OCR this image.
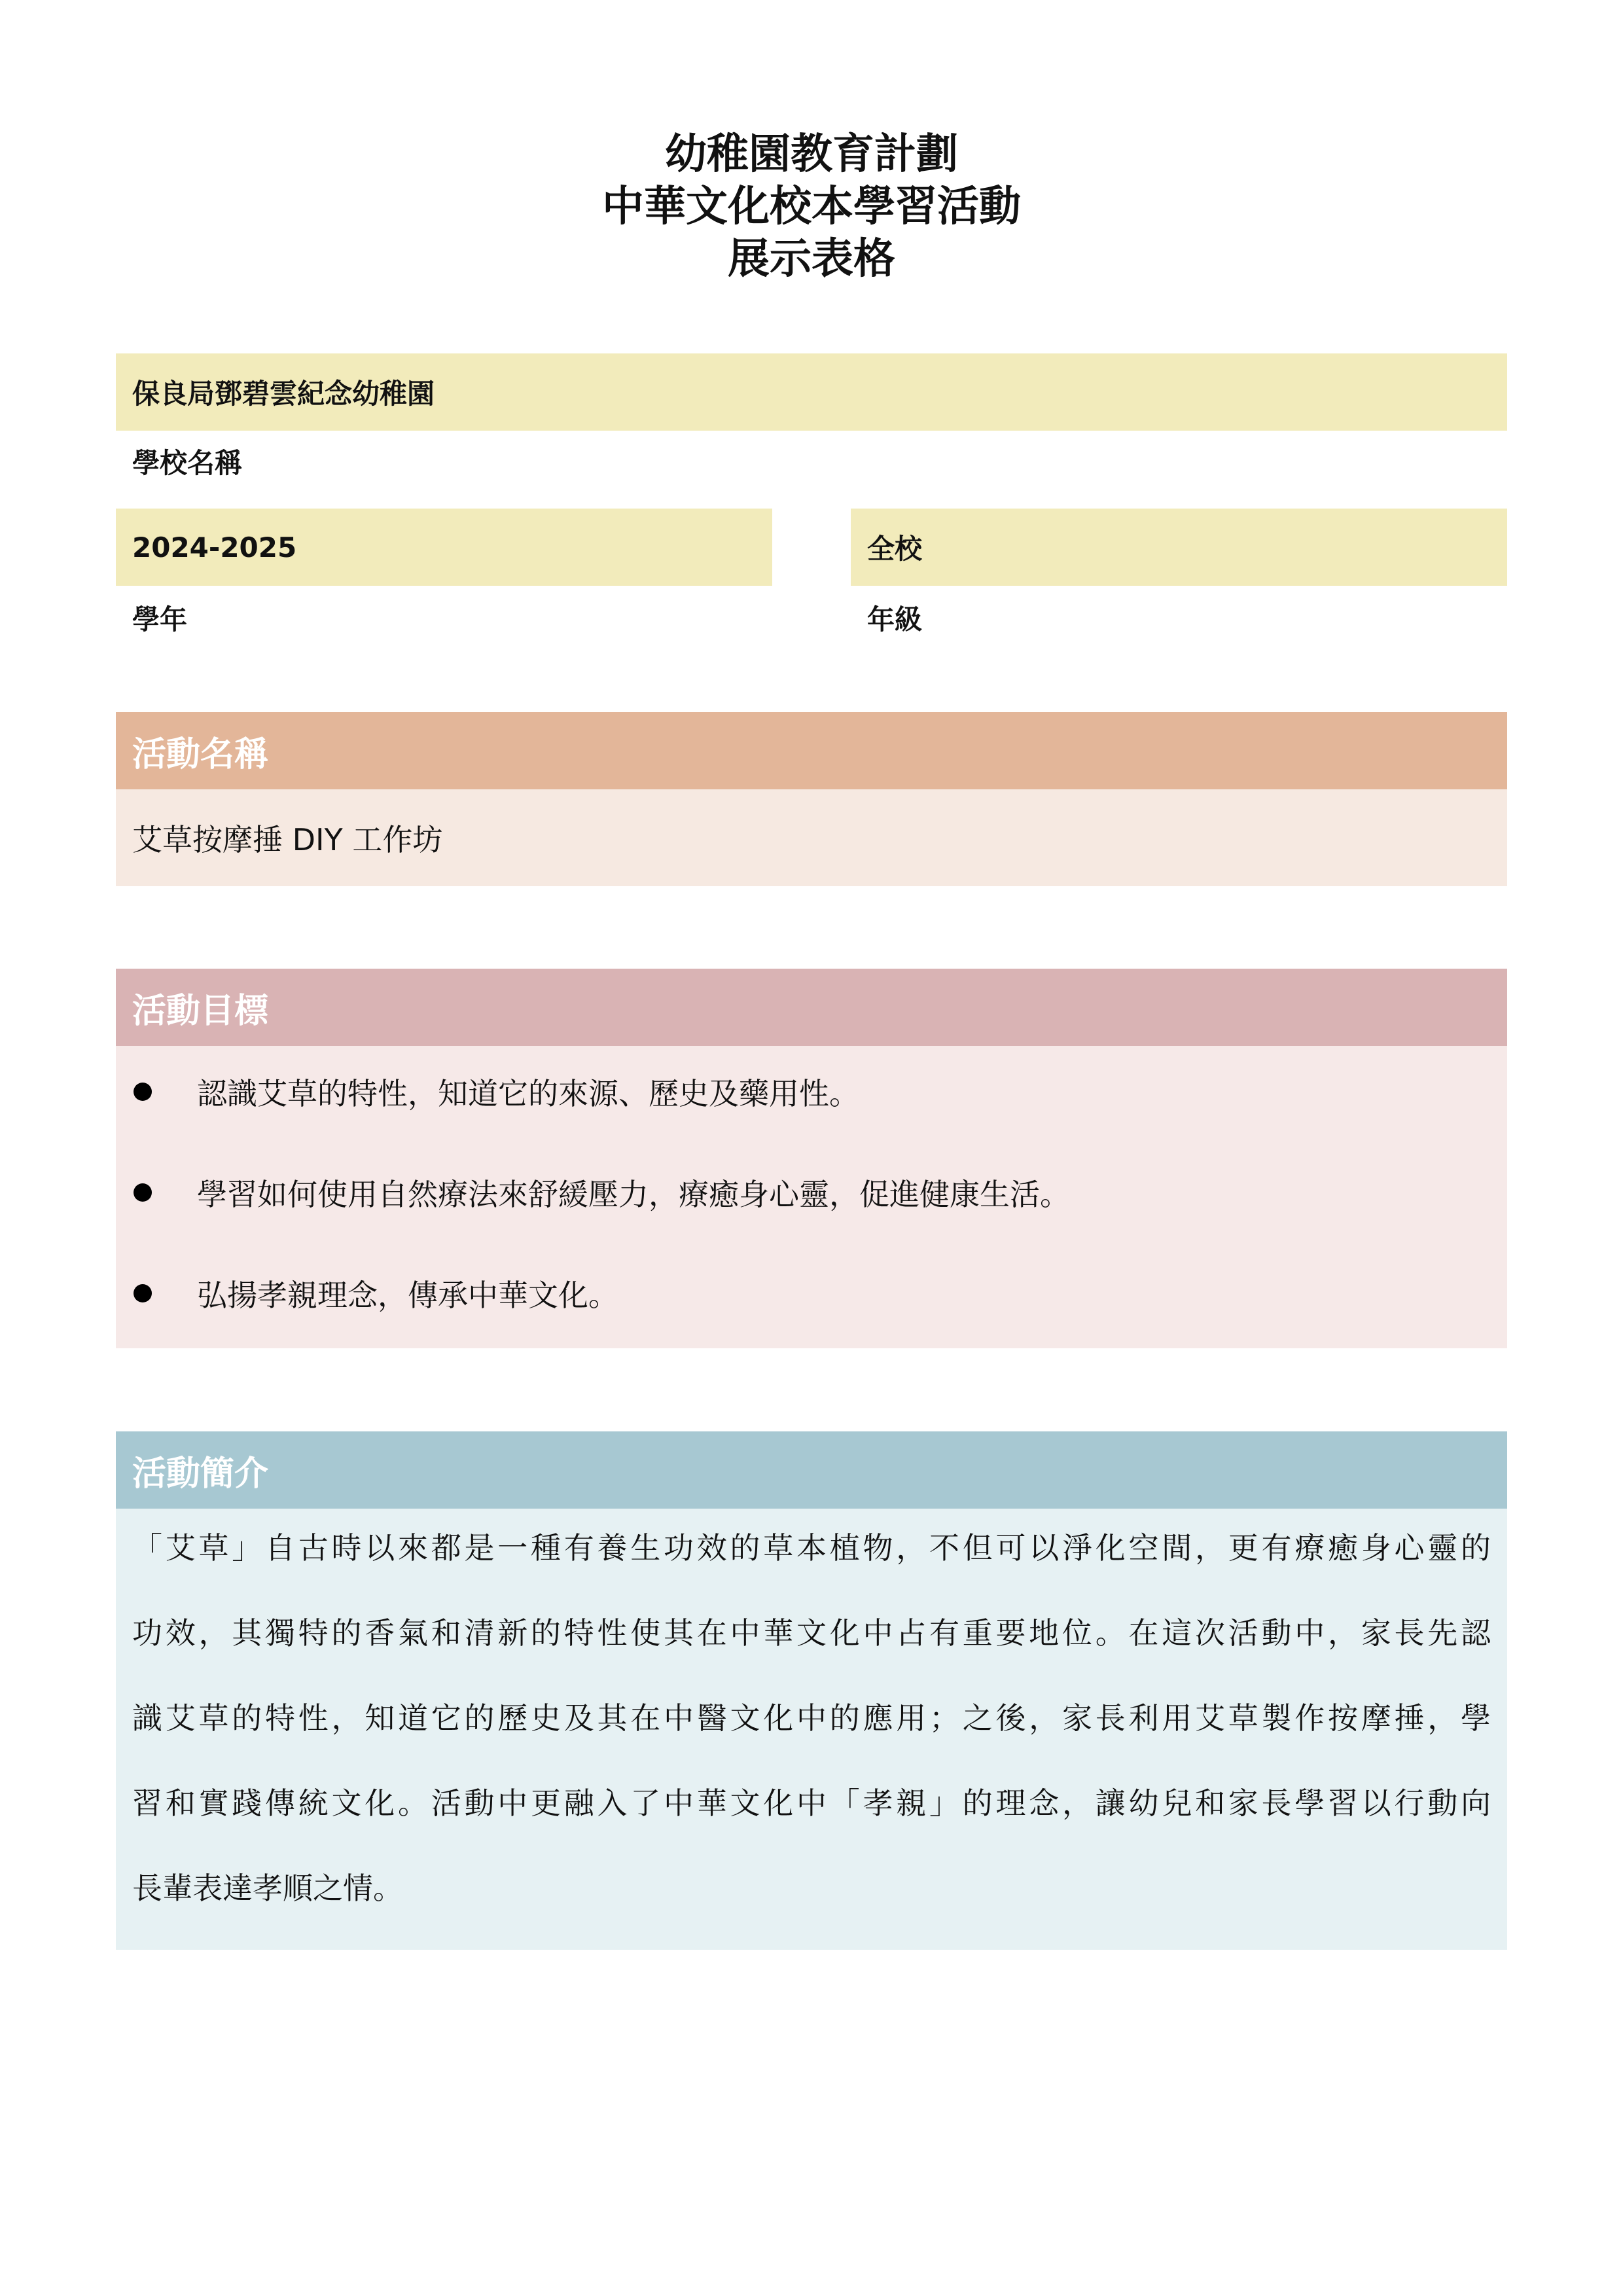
幼稚園教育計劃
中華文化校本學習活動
展示表格
保良局鄧碧雲紀念幼稚園
學校名稱
2024-2025
學年
全校
年級
活動名稱
艾草按摩捶 DIY 工作坊
活動目標
認識艾草的特性，知道它的來源、歷史及藥用性。
學習如何使用自然療法來舒緩壓力，療癒身心靈，促進健康生活。
弘揚孝親理念，傳承中華文化。
活動簡介
「艾草」自古時以來都是一種有養生功效的草本植物，不但可以淨化空間，更有療癒身心靈的
功效，其獨特的香氣和清新的特性使其在中華文化中占有重要地位。在這次活動中，家長先認
識艾草的特性，知道它的歷史及其在中醫文化中的應用；之後，家長利用艾草製作按摩捶，學
習和實踐傳統文化。活動中更融入了中華文化中「孝親」的理念，讓幼兒和家長學習以行動向
長輩表達孝順之情。
